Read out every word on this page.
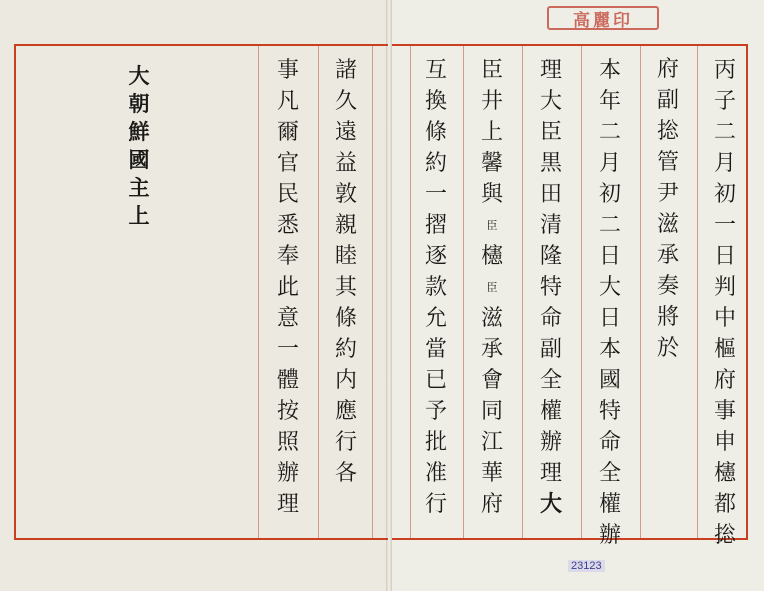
高麗印
大
朝
鮮
國
主
上
事
凡
爾
官
民
悉
奉
此
意
一
體
按
照
辦
理
諸
久
遠
益
敦
親
睦
其
條
約
内
應
行
各
互
換
條
約
一
摺
逐
款
允
當
已
予
批
准
行
臣
井
上
馨
與
臣
櫶
臣
滋
承
會
同
江
華
府
理
大
臣
黒
田
清
隆
特
命
副
全
權
辦
理
大
本
年
二
月
初
二
日
大
日
本
國
特
命
全
權
辦
府
副
捴
管
尹
滋
承
奏
將
於
丙
子
二
月
初
一
日
判
中
樞
府
事
申
櫶
都
捴
23123
